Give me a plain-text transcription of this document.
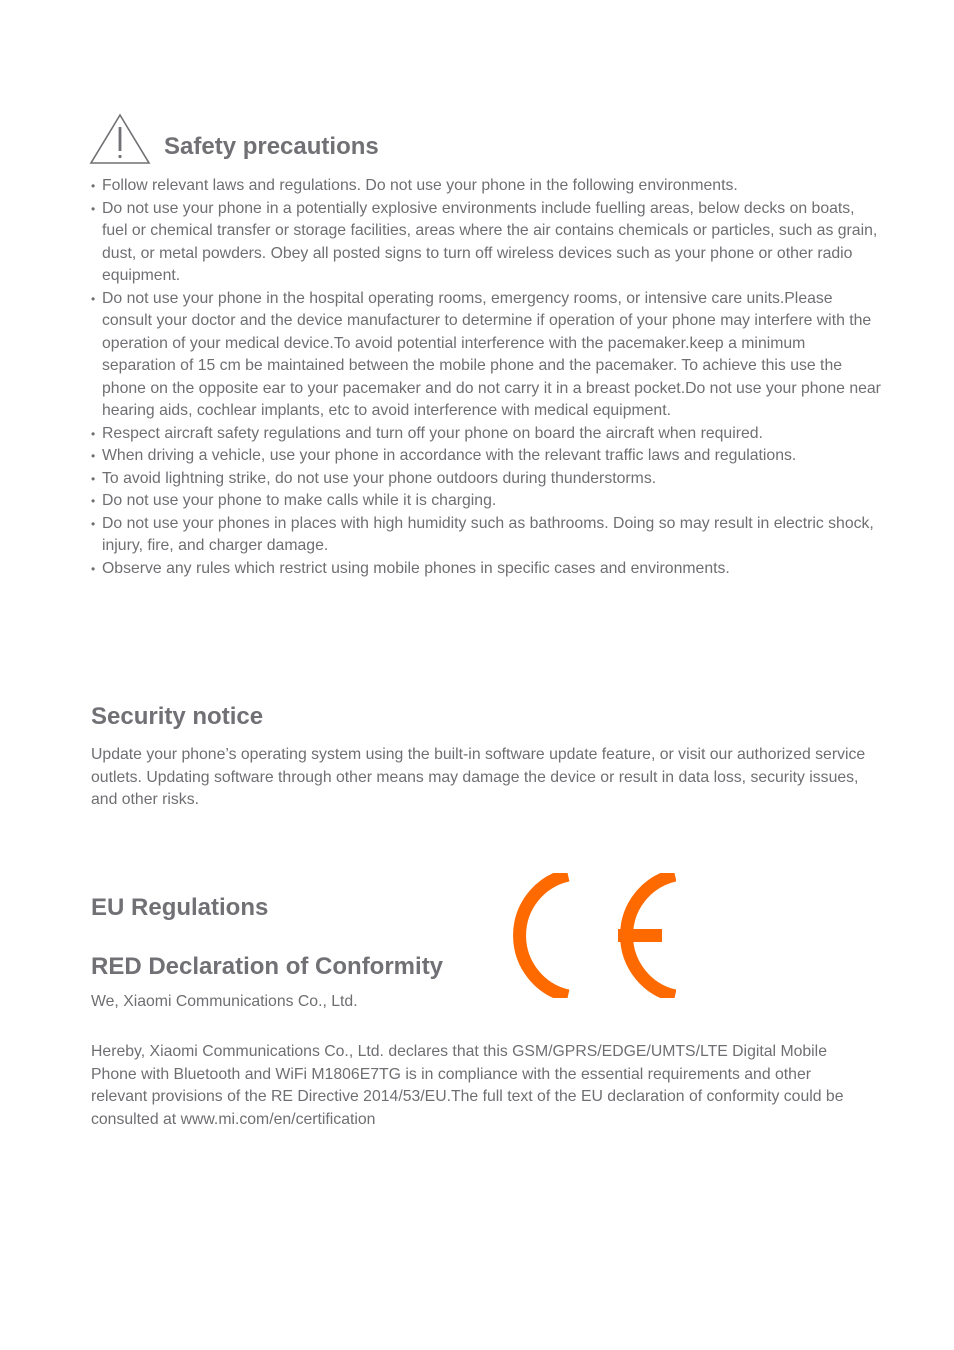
Safety precautions
• Follow relevant laws and regulations. Do not use your phone in the following environments.
• Do not use your phone in a potentially explosive environments include fuelling areas, below decks on boats, fuel or chemical transfer or storage facilities, areas where the air contains chemicals or particles, such as grain, dust, or metal powders. Obey all posted signs to turn off wireless devices such as your phone or other radio equipment.
• Do not use your phone in the hospital operating rooms, emergency rooms, or intensive care units.Please consult your doctor and the device manufacturer to determine if operation of your phone may interfere with the operation of your medical device.To avoid potential interference with the pacemaker.keep a minimum separation of 15 cm be maintained between the mobile phone and the pacemaker. To achieve this use the phone on the opposite ear to your pacemaker and do not carry it in a breast pocket.Do not use your phone near hearing aids, cochlear implants, etc to avoid interference with medical equipment.
• Respect aircraft safety regulations and turn off your phone on board the aircraft when required.
• When driving a vehicle, use your phone in accordance with the relevant traffic laws and regulations.
• To avoid lightning strike, do not use your phone outdoors during thunderstorms.
• Do not use your phone to make calls while it is charging.
• Do not use your phones in places with high humidity such as bathrooms. Doing so may result in electric shock, injury, fire, and charger damage.
• Observe any rules which restrict using mobile phones in specific cases and environments.
Security notice

Update your phone’s operating system using the built-in software update feature, or visit our authorized service outlets. Updating software through other means may damage the device or result in data loss, security issues, and other risks.

EU Regulations
RED Declaration of Conformity

We, Xiaomi Communications Co., Ltd.

Hereby, Xiaomi Communications Co., Ltd. declares that this GSM/GPRS/EDGE/UMTS/LTE Digital Mobile Phone with Bluetooth and WiFi M1806E7TG is in compliance with the essential requirements and other relevant provisions of the RE Directive 2014/53/EU.The full text of the EU declaration of conformity could be consulted at www.mi.com/en/certification
